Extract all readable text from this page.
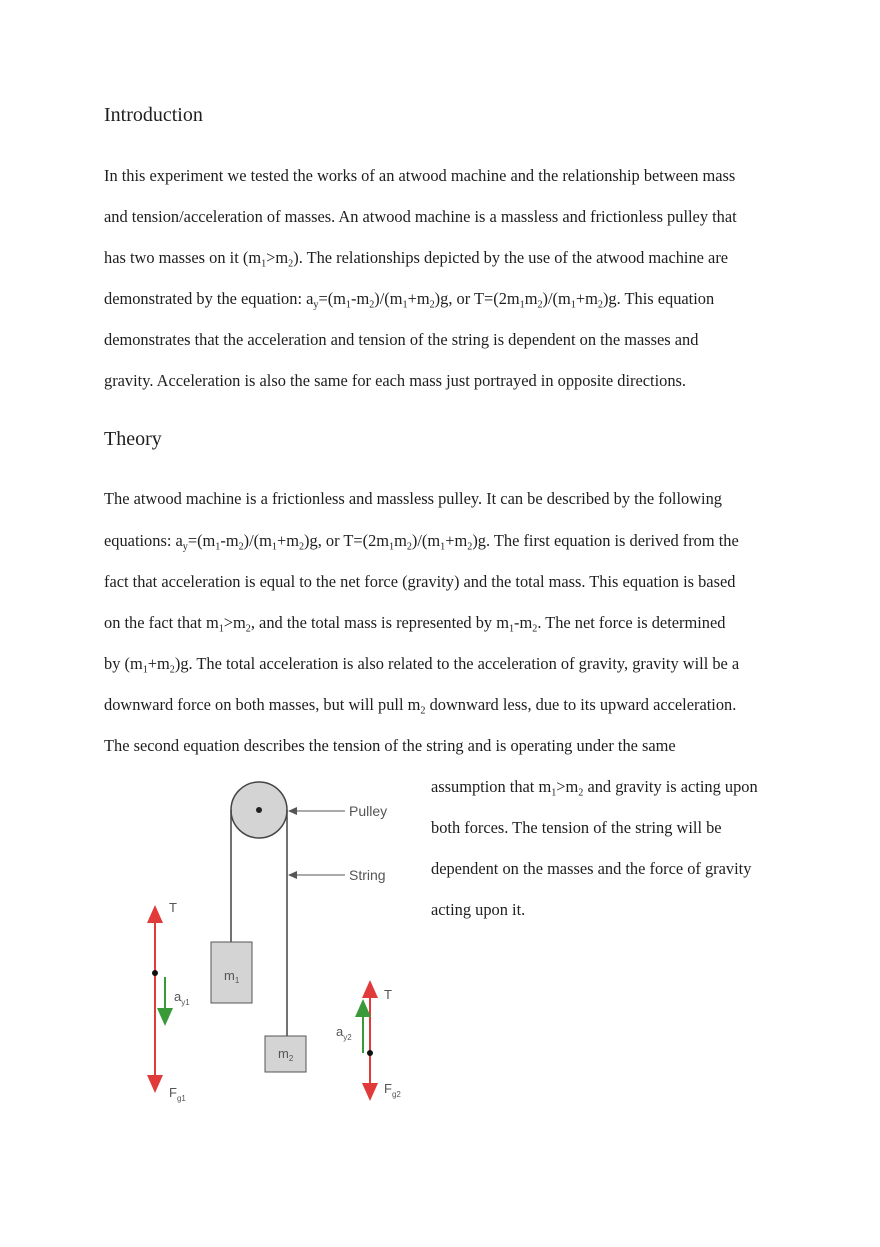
Introduction

In this experiment we tested the works of an atwood machine and the relationship between mass

and tension/acceleration of masses. An atwood machine is a massless and frictionless pulley that

has two masses on it $(m_1>m_2)$. The relationships depicted by the use of the atwood machine are

demonstrated by the equation: $a_y=(m_1-m_2)/(m_1+m_2)g$, or $T=(2m_1m_2)/(m_1+m_2)g$. This equation

demonstrates that the acceleration and tension of the string is dependent on the masses and

gravity. Acceleration is also the same for each mass just portrayed in opposite directions.

Theory

The atwood machine is a frictionless and massless pulley. It can be described by the following

equations: $a_y=(m_1-m_2)/(m_1+m_2)g$, or $T=(2m_1m_2)/(m_1+m_2)g$. The first equation is derived from the

fact that acceleration is equal to the net force (gravity) and the total mass. This equation is based

on the fact that $m_1>m_2$, and the total mass is represented by $m_1-m_2$. The net force is determined

by $(m_1+m_2)g$. The total acceleration is also related to the acceleration of gravity, gravity will be a

downward force on both masses, but will pull $m_2$ downward less, due to its upward acceleration.

The second equation describes the tension of the string and is operating under the same

assumption that $m_1>m_2$ and gravity is acting upon

both forces. The tension of the string will be

dependent on the masses and the force of gravity

acting upon it.

Pulley
String
$m_1$
$m_2$
T
$a_{y1}$
$F_{g1}$
T
$a_{y2}$
$F_{g2}$
